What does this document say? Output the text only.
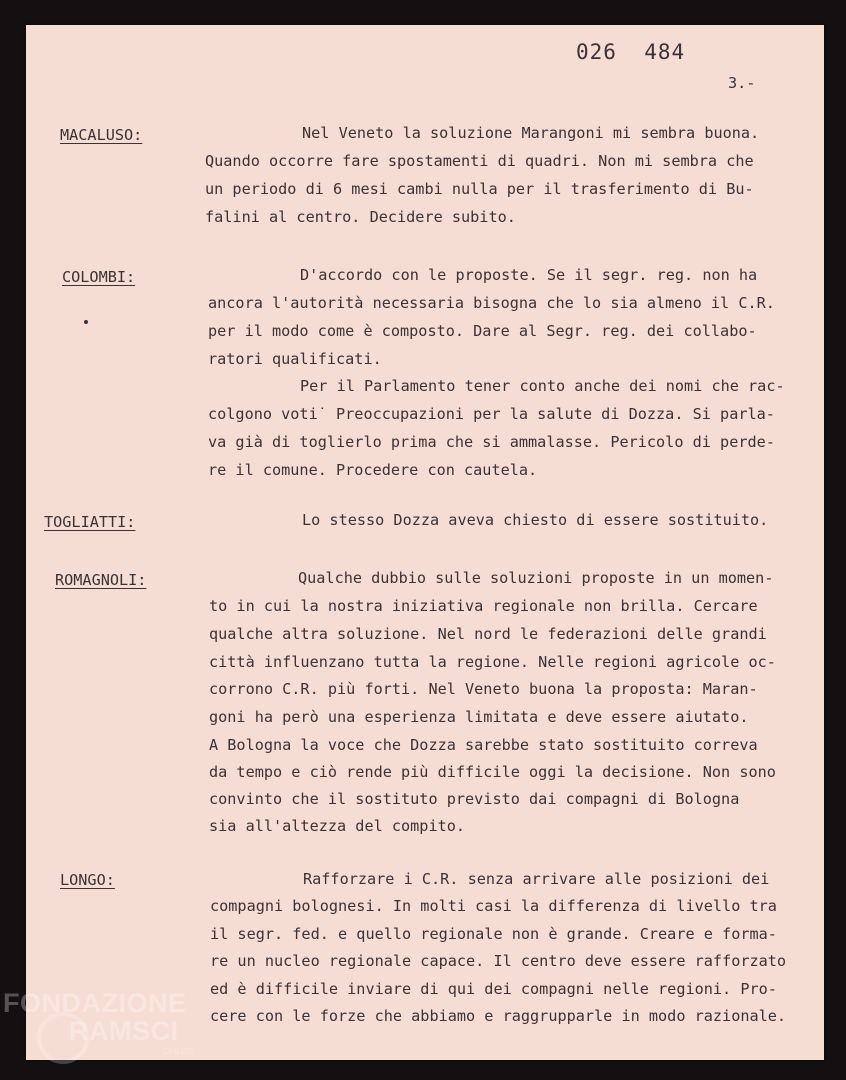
026  484
3.-
MACALUSO:	Nel Veneto la soluzione Marangoni mi sembra buona.
Quando occorre fare spostamenti di quadri. Non mi sembra che
un periodo di 6 mesi cambi nulla per il trasferimento di Bu-
falini al centro. Decidere subito.
COLOMBI:	D'accordo con le proposte. Se il segr. reg. non ha
ancora l'autorità necessaria bisogna che lo sia almeno il C.R.
per il modo come è composto. Dare al Segr. reg. dei collabo-
ratori qualificati.
Per il Parlamento tener conto anche dei nomi che rac-
colgono voti˙ Preoccupazioni per la salute di Dozza. Si parla-
va già di toglierlo prima che si ammalasse. Pericolo di perde-
re il comune. Procedere con cautela.
TOGLIATTI:	Lo stesso Dozza aveva chiesto di essere sostituito.
ROMAGNOLI:	Qualche dubbio sulle soluzioni proposte in un momen-
to in cui la nostra iniziativa regionale non brilla. Cercare
qualche altra soluzione. Nel nord le federazioni delle grandi
città influenzano tutta la regione. Nelle regioni agricole oc-
corrono C.R. più forti. Nel Veneto buona la proposta: Maran-
goni ha però una esperienza limitata e deve essere aiutato.
A Bologna la voce che Dozza sarebbe stato sostituito correva
da tempo e ciò rende più difficile oggi la decisione. Non sono
convinto che il sostituto previsto dai compagni di Bologna
sia all'altezza del compito.
LONGO:	Rafforzare i C.R. senza arrivare alle posizioni dei
compagni bolognesi. In molti casi la differenza di livello tra
il segr. fed. e quello regionale non è grande. Creare e forma-
re un nucleo regionale capace. Il centro deve essere rafforzato
ed è difficile inviare di qui dei compagni nelle regioni. Pro-
cere con le forze che abbiamo e raggrupparle in modo razionale.
FONDAZIONE
RAMSCI
ONLUS
